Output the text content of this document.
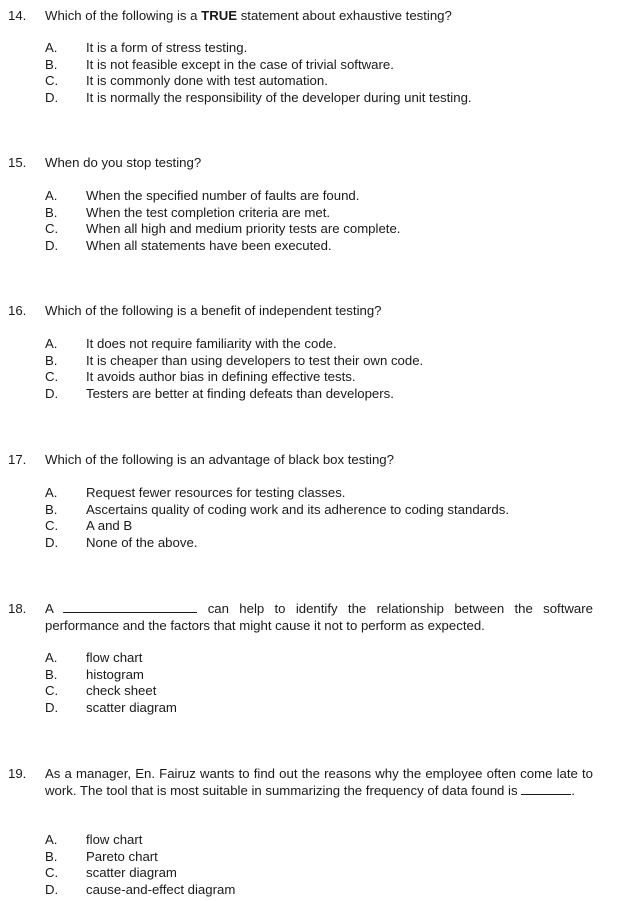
14. Which of the following is a TRUE statement about exhaustive testing?
A. It is a form of stress testing.
B. It is not feasible except in the case of trivial software.
C. It is commonly done with test automation.
D. It is normally the responsibility of the developer during unit testing.
15. When do you stop testing?
A. When the specified number of faults are found.
B. When the test completion criteria are met.
C. When all high and medium priority tests are complete.
D. When all statements have been executed.
16. Which of the following is a benefit of independent testing?
A. It does not require familiarity with the code.
B. It is cheaper than using developers to test their own code.
C. It avoids author bias in defining effective tests.
D. Testers are better at finding defeats than developers.
17. Which of the following is an advantage of black box testing?
A. Request fewer resources for testing classes.
B. Ascertains quality of coding work and its adherence to coding standards.
C. A and B
D. None of the above.
18. A	can help to identify the relationship between the software performance and the factors that might cause it not to perform as expected.
A. flow chart
B. histogram
C. check sheet
D. scatter diagram
19. As a manager, En. Fairuz wants to find out the reasons why the employee often come late to work. The tool that is most suitable in summarizing the frequency of data found is	.
A. flow chart
B. Pareto chart
C. scatter diagram
D. cause-and-effect diagram
